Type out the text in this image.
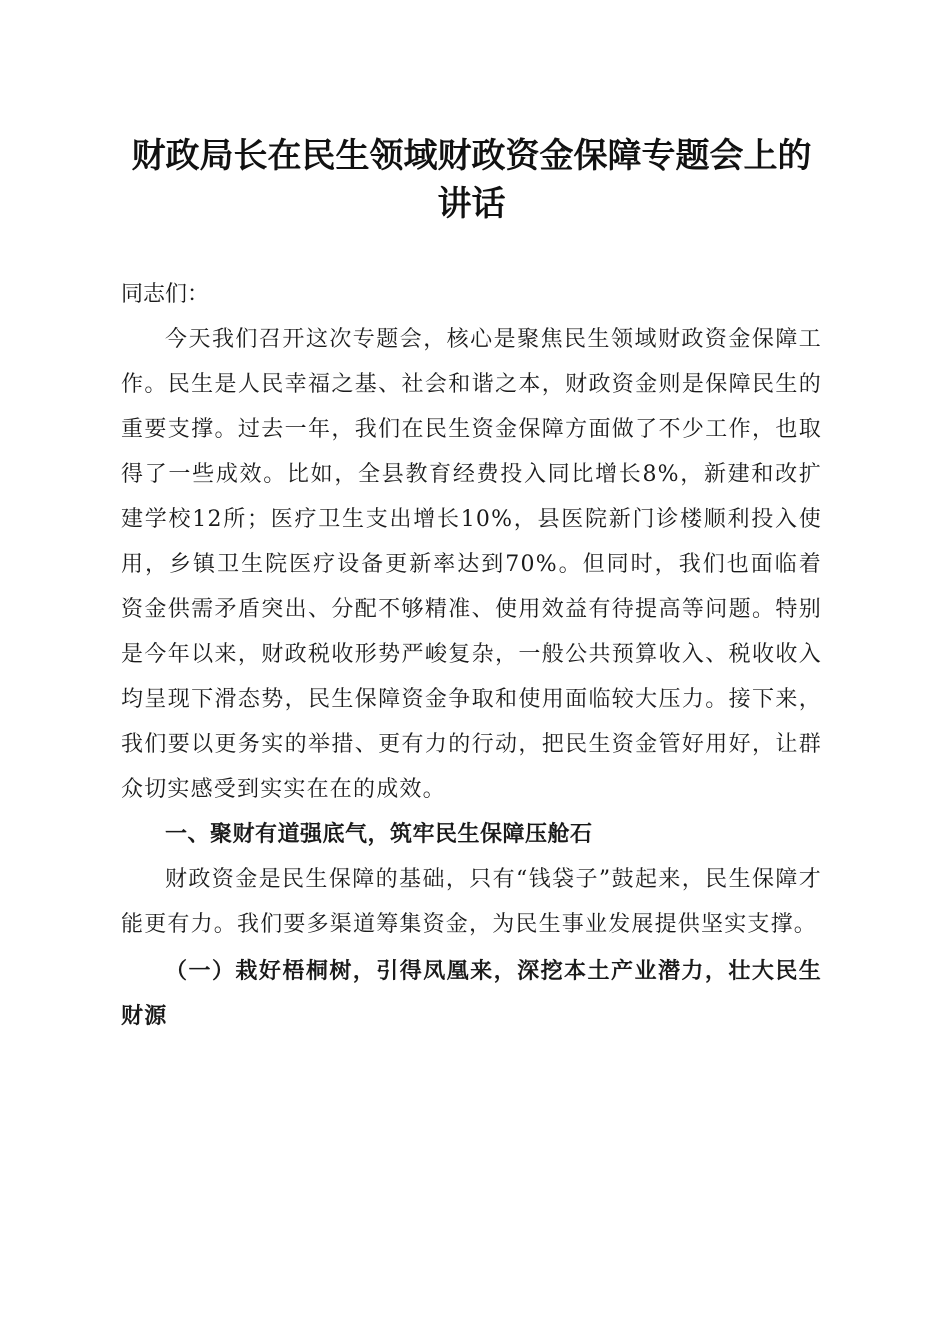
财政局长在民生领域财政资金保障专题会上的
讲话

同志们：

今天我们召开这次专题会，核心是聚焦民生领域财政资金保障工作。民生是人民幸福之基、社会和谐之本，财政资金则是保障民生的重要支撑。过去一年，我们在民生资金保障方面做了不少工作，也取得了一些成效。比如，全县教育经费投入同比增长8%，新建和改扩建学校12所；医疗卫生支出增长10%，县医院新门诊楼顺利投入使用，乡镇卫生院医疗设备更新率达到70%。但同时，我们也面临着资金供需矛盾突出、分配不够精准、使用效益有待提高等问题。特别是今年以来，财政税收形势严峻复杂，一般公共预算收入、税收收入均呈现下滑态势，民生保障资金争取和使用面临较大压力。接下来，我们要以更务实的举措、更有力的行动，把民生资金管好用好，让群众切实感受到实实在在的成效。

一、聚财有道强底气，筑牢民生保障压舱石

财政资金是民生保障的基础，只有“钱袋子”鼓起来，民生保障才能更有力。我们要多渠道筹集资金，为民生事业发展提供坚实支撑。

（一）栽好梧桐树，引得凤凰来，深挖本土产业潜力，壮大民生财源
